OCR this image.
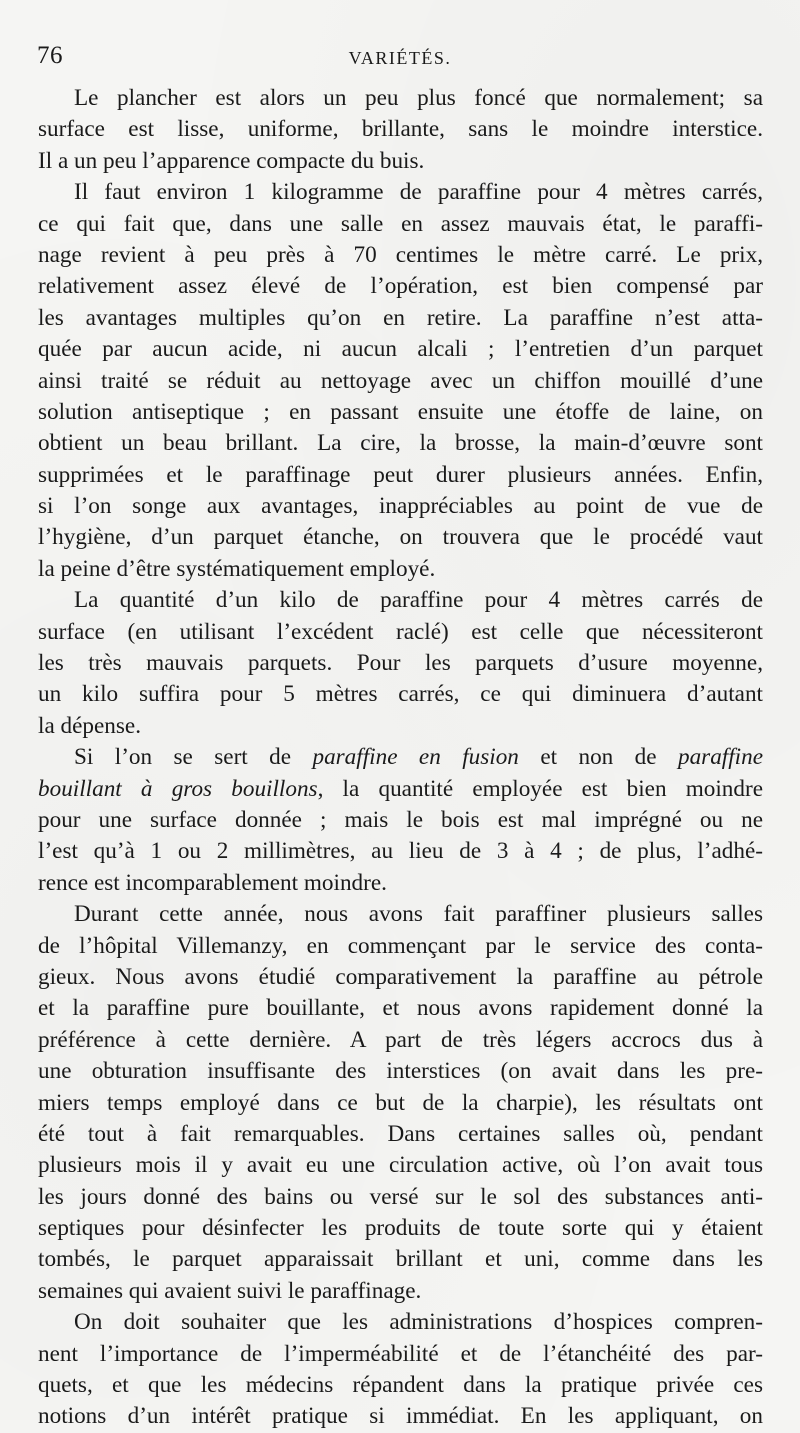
76	VARIÉTÉS.
Le plancher est alors un peu plus foncé que normalement; sa
surface est lisse, uniforme, brillante, sans le moindre interstice.
Il a un peu l’apparence compacte du buis.
Il faut environ 1 kilogramme de paraffine pour 4 mètres carrés,
ce qui fait que, dans une salle en assez mauvais état, le paraffi-
nage revient à peu près à 70 centimes le mètre carré. Le prix,
relativement assez élevé de l’opération, est bien compensé par
les avantages multiples qu’on en retire. La paraffine n’est atta-
quée par aucun acide, ni aucun alcali ; l’entretien d’un parquet
ainsi traité se réduit au nettoyage avec un chiffon mouillé d’une
solution antiseptique ; en passant ensuite une étoffe de laine, on
obtient un beau brillant. La cire, la brosse, la main-d’œuvre sont
supprimées et le paraffinage peut durer plusieurs années. Enfin,
si l’on songe aux avantages, inappréciables au point de vue de
l’hygiène, d’un parquet étanche, on trouvera que le procédé vaut
la peine d’être systématiquement employé.
La quantité d’un kilo de paraffine pour 4 mètres carrés de
surface (en utilisant l’excédent raclé) est celle que nécessiteront
les très mauvais parquets. Pour les parquets d’usure moyenne,
un kilo suffira pour 5 mètres carrés, ce qui diminuera d’autant
la dépense.
Si l’on se sert de paraffine en fusion et non de paraffine
bouillant à gros bouillons, la quantité employée est bien moindre
pour une surface donnée ; mais le bois est mal imprégné ou ne
l’est qu’à 1 ou 2 millimètres, au lieu de 3 à 4 ; de plus, l’adhé-
rence est incomparablement moindre.
Durant cette année, nous avons fait paraffiner plusieurs salles
de l’hôpital Villemanzy, en commençant par le service des conta-
gieux. Nous avons étudié comparativement la paraffine au pétrole
et la paraffine pure bouillante, et nous avons rapidement donné la
préférence à cette dernière. A part de très légers accrocs dus à
une obturation insuffisante des interstices (on avait dans les pre-
miers temps employé dans ce but de la charpie), les résultats ont
été tout à fait remarquables. Dans certaines salles où, pendant
plusieurs mois il y avait eu une circulation active, où l’on avait tous
les jours donné des bains ou versé sur le sol des substances anti-
septiques pour désinfecter les produits de toute sorte qui y étaient
tombés, le parquet apparaissait brillant et uni, comme dans les
semaines qui avaient suivi le paraffinage.
On doit souhaiter que les administrations d’hospices compren-
nent l’importance de l’imperméabilité et de l’étanchéité des par-
quets, et que les médecins répandent dans la pratique privée ces
notions d’un intérêt pratique si immédiat. En les appliquant, on
